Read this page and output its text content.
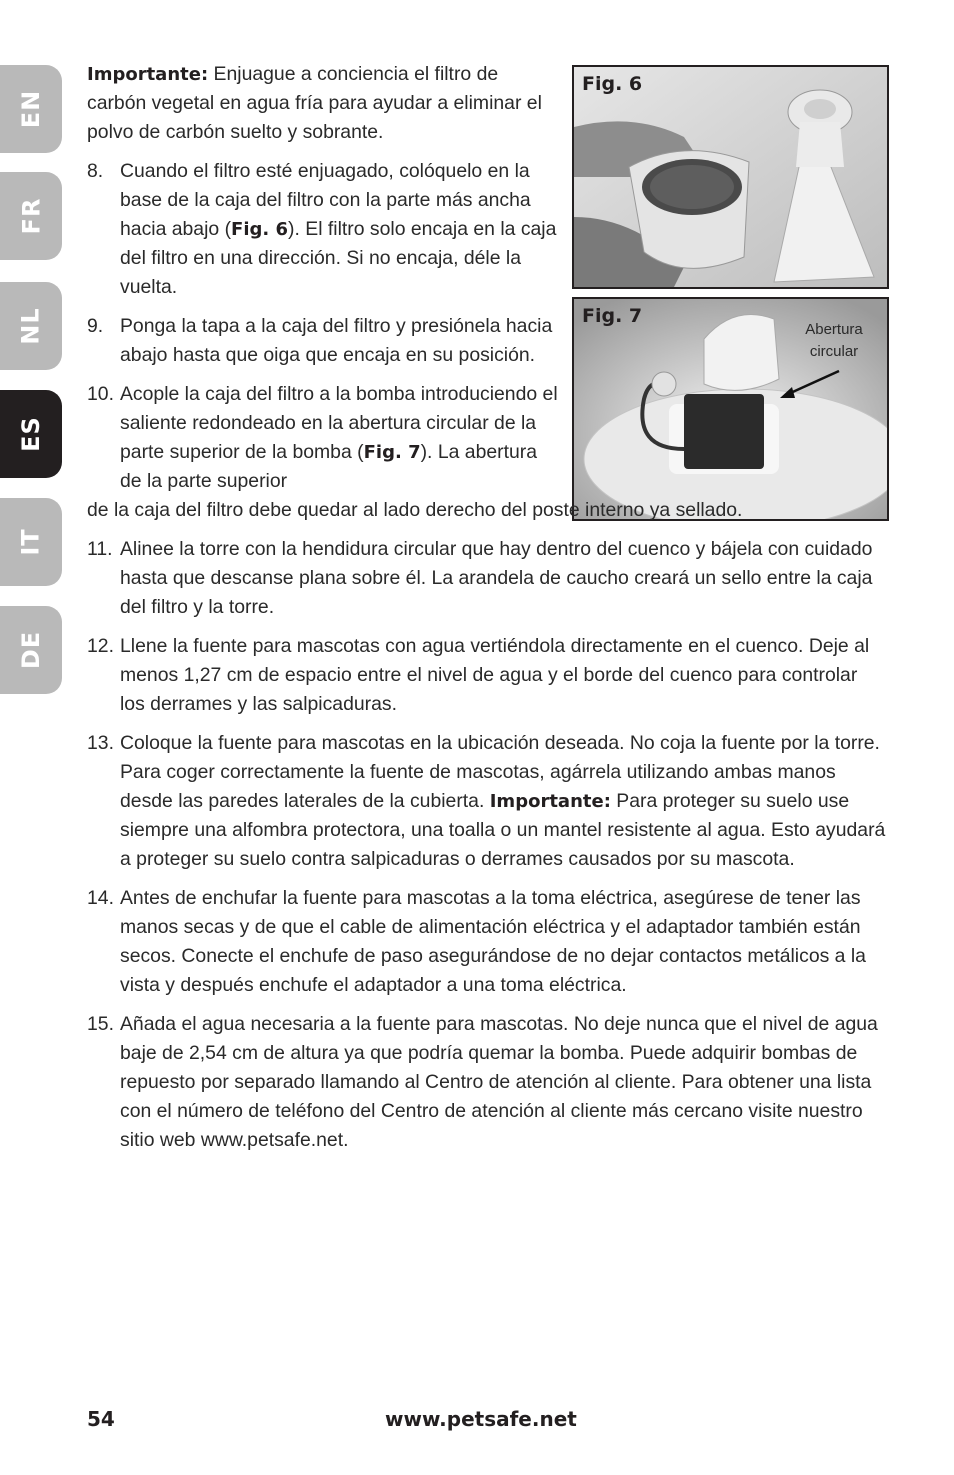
EN
FR
NL
ES
IT
DE
Fig. 6
Fig. 7
Abertura
circular

Importante: Enjuague a conciencia el filtro de carbón vegetal en agua fría para ayudar a eliminar el polvo de carbón suelto y sobrante.

8. Cuando el filtro esté enjuagado, colóquelo en la base de la caja del filtro con la parte más ancha hacia abajo (Fig. 6). El filtro solo encaja en la caja del filtro en una dirección. Si no encaja, déle la vuelta.
9. Ponga la tapa a la caja del filtro y presiónela hacia abajo hasta que oiga que encaja en su posición.
10. Acople la caja del filtro a la bomba introduciendo el saliente redondeado en la abertura circular de la parte superior de la bomba (Fig. 7). La abertura de la parte superior

de la caja del filtro debe quedar al lado derecho del poste interno ya sellado.

11. Alinee la torre con la hendidura circular que hay dentro del cuenco y bájela con cuidado hasta que descanse plana sobre él. La arandela de caucho creará un sello entre la caja del filtro y la torre.
12. Llene la fuente para mascotas con agua vertiéndola directamente en el cuenco. Deje al menos 1,27 cm de espacio entre el nivel de agua y el borde del cuenco para controlar los derrames y las salpicaduras.
13. Coloque la fuente para mascotas en la ubicación deseada. No coja la fuente por la torre. Para coger correctamente la fuente de mascotas, agárrela utilizando ambas manos desde las paredes laterales de la cubierta. Importante: Para proteger su suelo use siempre una alfombra protectora, una toalla o un mantel resistente al agua. Esto ayudará a proteger su suelo contra salpicaduras o derrames causados por su mascota.
14. Antes de enchufar la fuente para mascotas a la toma eléctrica, asegúrese de tener las manos secas y de que el cable de alimentación eléctrica y el adaptador también están secos. Conecte el enchufe de paso asegurándose de no dejar contactos metálicos a la vista y después enchufe el adaptador a una toma eléctrica.
15. Añada el agua necesaria a la fuente para mascotas. No deje nunca que el nivel de agua baje de 2,54 cm de altura ya que podría quemar la bomba. Puede adquirir bombas de repuesto por separado llamando al Centro de atención al cliente. Para obtener una lista con el número de teléfono del Centro de atención al cliente más cercano visite nuestro sitio web www.petsafe.net.
54	www.petsafe.net
